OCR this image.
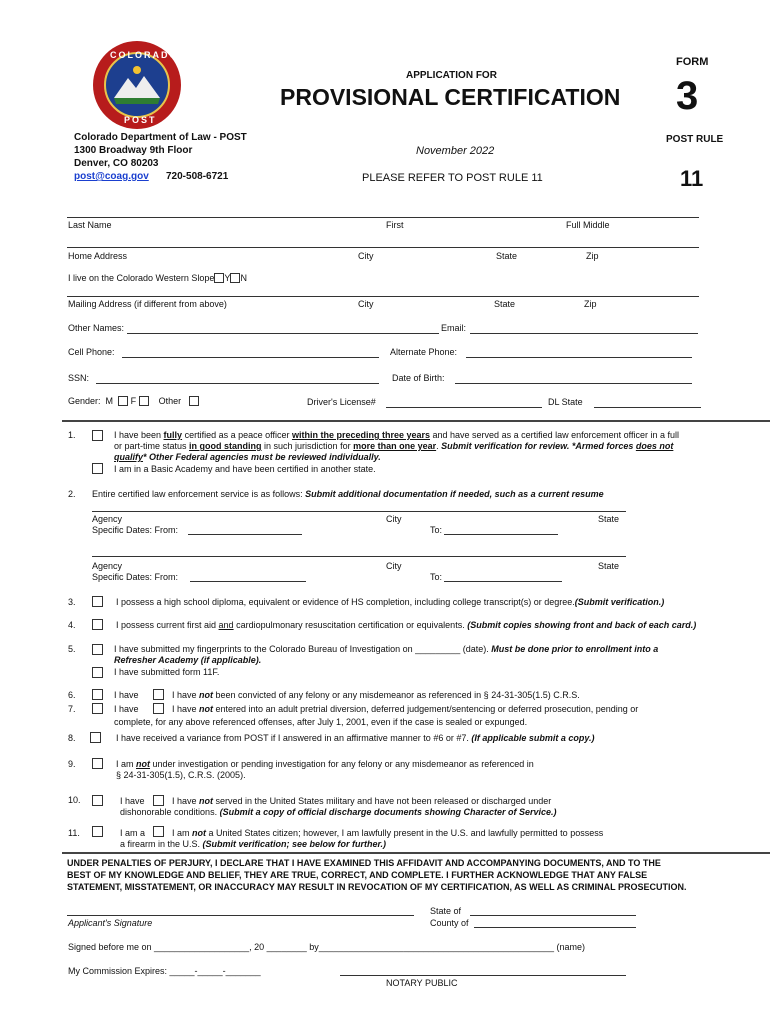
COLORADO
POST
FORM
3
APPLICATION FOR
PROVISIONAL CERTIFICATION
POST RULE
November 2022
PLEASE REFER TO POST RULE 11	11
Colorado Department of Law - POST
1300 Broadway 9th Floor
Denver, CO 80203
post@coag.gov 720-508-6721
Last Name	First	Full Middle
Home Address	City	State	Zip
I live on the Colorado Western Slope Y N
Mailing Address (if different from above)	City	State	Zip
Other Names:	Email:
Cell Phone:	Alternate Phone:
SSN:	Date of Birth:
Gender: M F	Other	Driver's License#	DL State
1.	I have been fully certified as a peace officer within the preceding three years and have served as a certified law enforcement officer in a full
or part-time status in good standing in such jurisdiction for more than one year. Submit verification for review. *Armed forces does not
qualify* Other Federal agencies must be reviewed individually.
I am in a Basic Academy and have been certified in another state.
2. Entire certified law enforcement service is as follows: Submit additional documentation if needed, such as a current resume
Agency	City	State
Specific Dates: From:	To:
Agency	City	State
Specific Dates: From:	To:
3.	I possess a high school diploma, equivalent or evidence of HS completion, including college transcript(s) or degree.(Submit verification.)
4.	I possess current first aid and cardiopulmonary resuscitation certification or equivalents. (Submit copies showing front and back of each card.)
5.	I have submitted my fingerprints to the Colorado Bureau of Investigation on _________ (date). Must be done prior to enrollment into a
Refresher Academy (if applicable).
I have submitted form 11F.
6.
7.
I have	I have not been convicted of any felony or any misdemeanor as referenced in § 24-31-305(1.5) C.R.S.
I have	I have not entered into an adult pretrial diversion, deferred judgement/sentencing or deferred prosecution, pending or
complete, for any above referenced offenses, after July 1, 2001, even if the case is sealed or expunged.
8.	I have received a variance from POST if I answered in an affirmative manner to #6 or #7. (If applicable submit a copy.)
9.	I am not under investigation or pending investigation for any felony or any misdemeanor as referenced in
§ 24-31-305(1.5), C.R.S. (2005).
10.	I have	I have not served in the United States military and have not been released or discharged under
dishonorable conditions. (Submit a copy of official discharge documents showing Character of Service.)
11.	I am a	I am not a United States citizen; however, I am lawfully present in the U.S. and lawfully permitted to possess
a firearm in the U.S. (Submit verification; see below for further.)
UNDER PENALTIES OF PERJURY, I DECLARE THAT I HAVE EXAMINED THIS AFFIDAVIT AND ACCOMPANYING DOCUMENTS, AND TO THE
BEST OF MY KNOWLEDGE AND BELIEF, THEY ARE TRUE, CORRECT, AND COMPLETE. I FURTHER ACKNOWLEDGE THAT ANY FALSE
STATEMENT, MISSTATEMENT, OR INACCURACY MAY RESULT IN REVOCATION OF MY CERTIFICATION, AS WELL AS CRIMINAL PROSECUTION.
Applicant's Signature
State of
County of
Signed before me on ___________________, 20 ________ by_______________________________________________ (name)
My Commission Expires: _____-_____-_______
NOTARY PUBLIC
